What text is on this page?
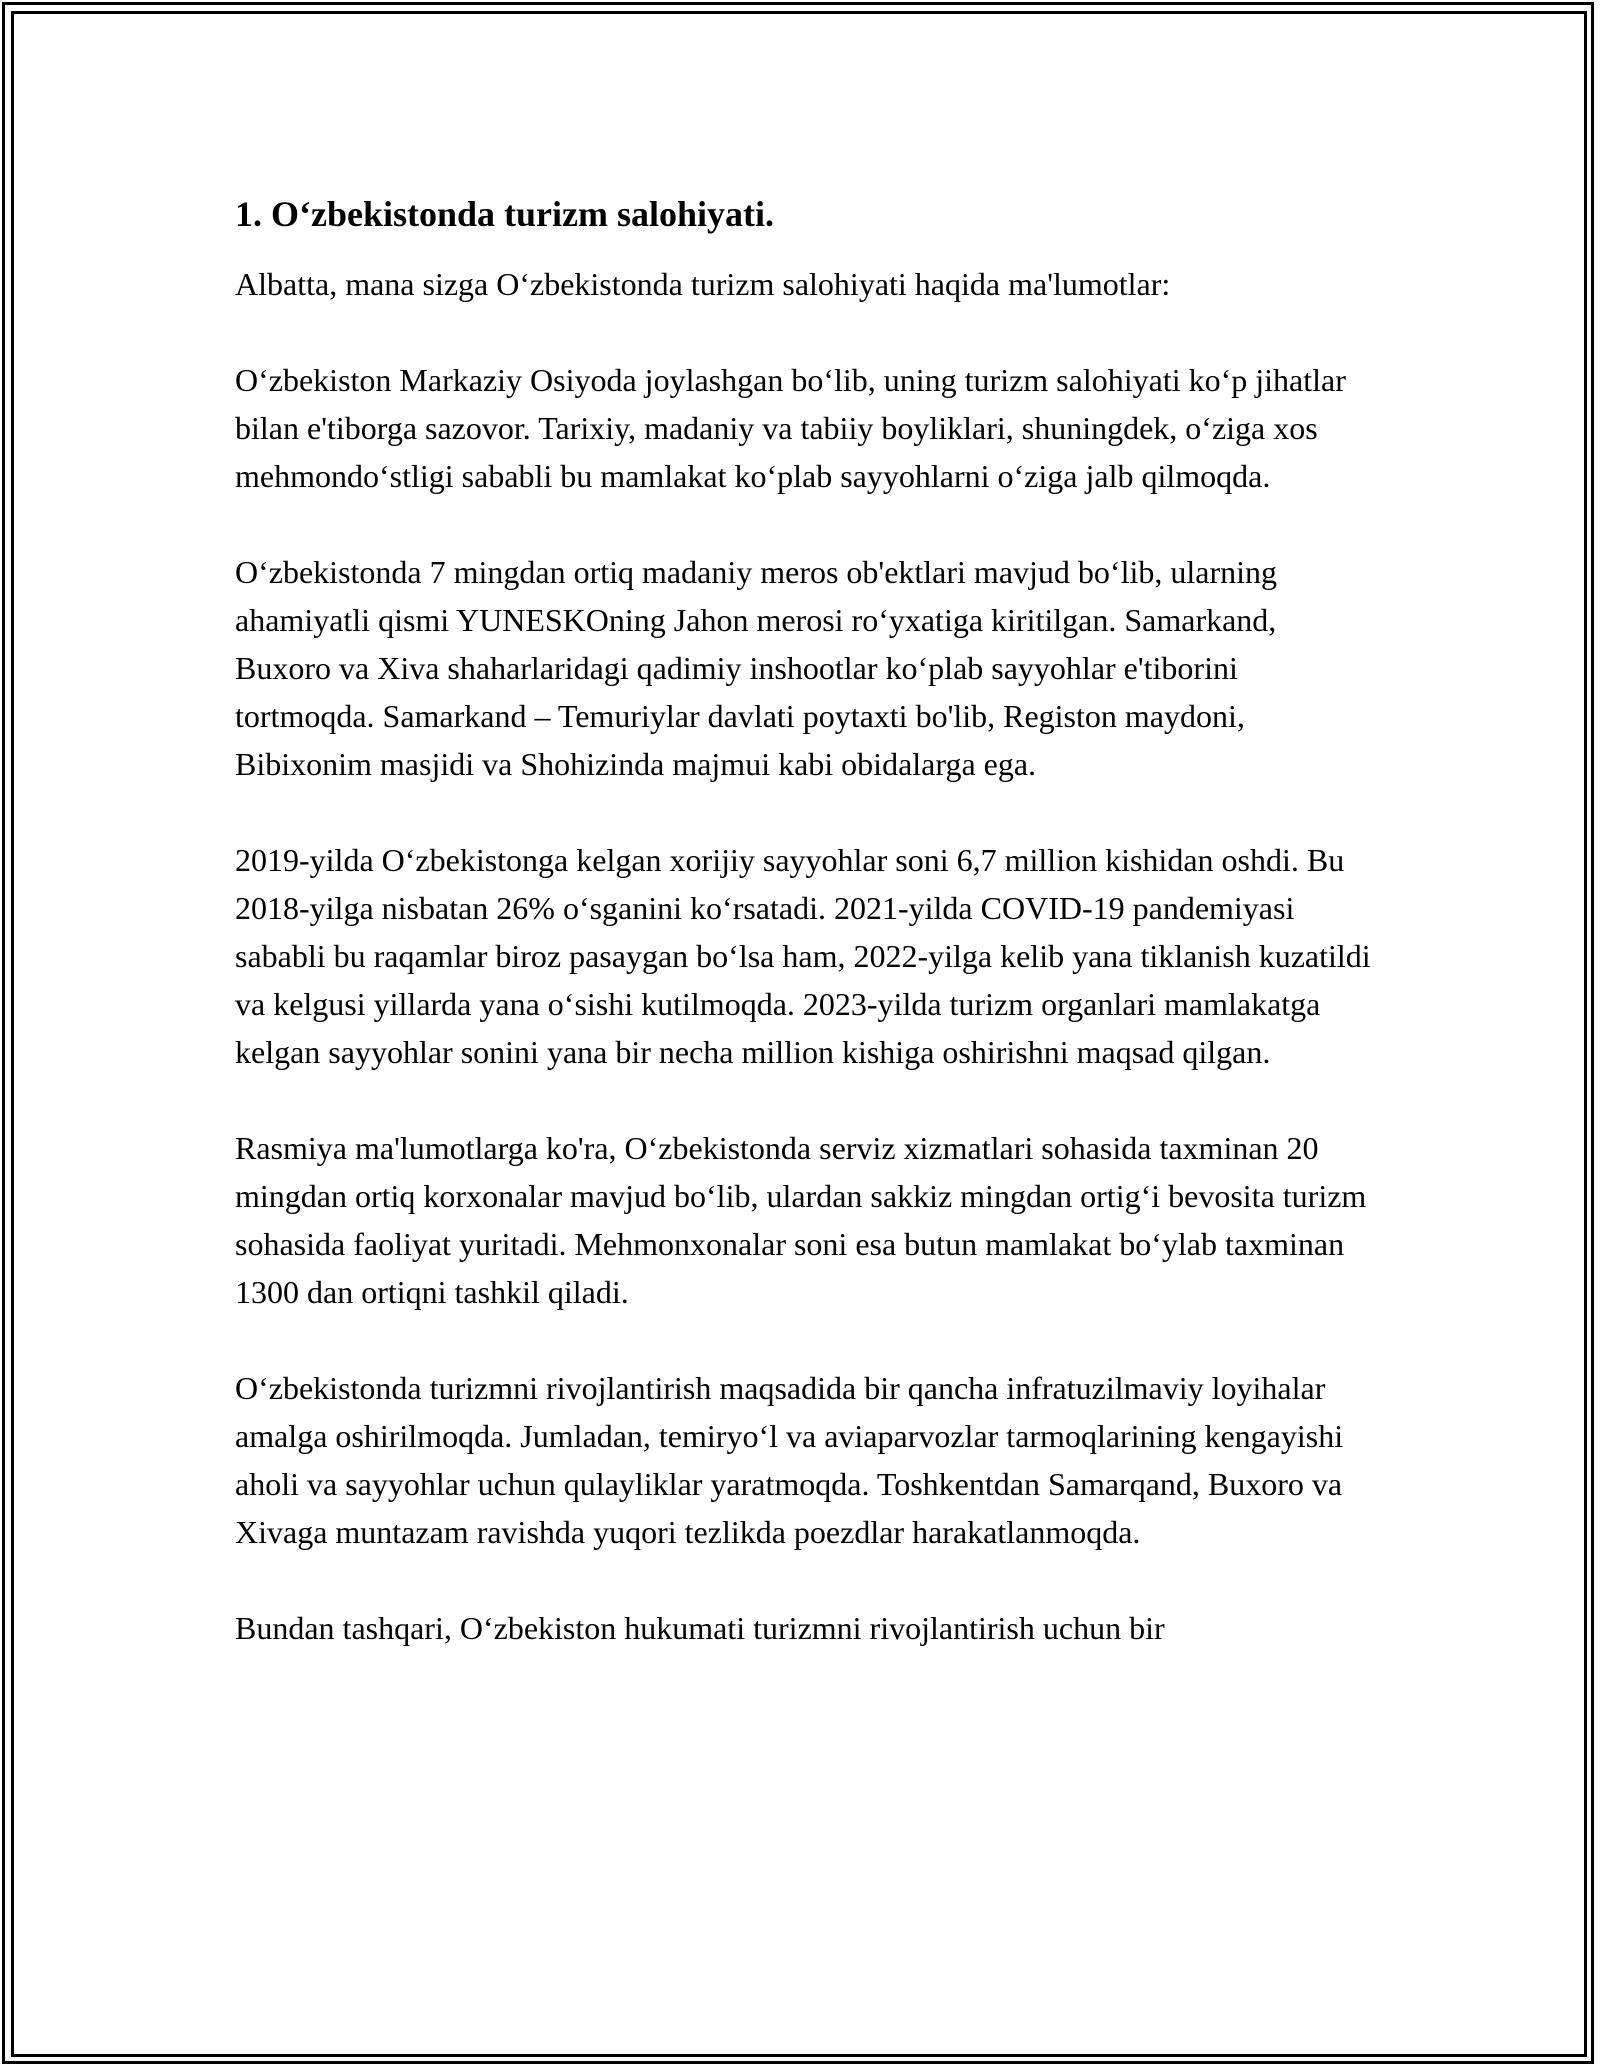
1. O‘zbekistonda turizm salohiyati.

Albatta, mana sizga O‘zbekistonda turizm salohiyati haqida ma'lumotlar:

O‘zbekiston Markaziy Osiyoda joylashgan bo‘lib, uning turizm salohiyati ko‘p jihatlar bilan e'tiborga sazovor. Tarixiy, madaniy va tabiiy boyliklari, shuningdek, o‘ziga xos mehmondo‘stligi sababli bu mamlakat ko‘plab sayyohlarni o‘ziga jalb qilmoqda.

O‘zbekistonda 7 mingdan ortiq madaniy meros ob'ektlari mavjud bo‘lib, ularning ahamiyatli qismi YUNESKOning Jahon merosi ro‘yxatiga kiritilgan. Samarkand, Buxoro va Xiva shaharlaridagi qadimiy inshootlar ko‘plab sayyohlar e'tiborini tortmoqda. Samarkand – Temuriylar davlati poytaxti bo'lib, Registon maydoni, Bibixonim masjidi va Shohizinda majmui kabi obidalarga ega.

2019-yilda O‘zbekistonga kelgan xorijiy sayyohlar soni 6,7 million kishidan oshdi. Bu 2018-yilga nisbatan 26% o‘sganini ko‘rsatadi. 2021-yilda COVID-19 pandemiyasi sababli bu raqamlar biroz pasaygan bo‘lsa ham, 2022-yilga kelib yana tiklanish kuzatildi va kelgusi yillarda yana o‘sishi kutilmoqda. 2023-yilda turizm organlari mamlakatga kelgan sayyohlar sonini yana bir necha million kishiga oshirishni maqsad qilgan.

Rasmiya ma'lumotlarga ko'ra, O‘zbekistonda serviz xizmatlari sohasida taxminan 20 mingdan ortiq korxonalar mavjud bo‘lib, ulardan sakkiz mingdan ortig‘i bevosita turizm sohasida faoliyat yuritadi. Mehmonxonalar soni esa butun mamlakat bo‘ylab taxminan 1300 dan ortiqni tashkil qiladi.

O‘zbekistonda turizmni rivojlantirish maqsadida bir qancha infratuzilmaviy loyihalar amalga oshirilmoqda. Jumladan, temiryo‘l va aviaparvozlar tarmoqlarining kengayishi aholi va sayyohlar uchun qulayliklar yaratmoqda. Toshkentdan Samarqand, Buxoro va Xivaga muntazam ravishda yuqori tezlikda poezdlar harakatlanmoqda.

Bundan tashqari, O‘zbekiston hukumati turizmni rivojlantirish uchun bir
